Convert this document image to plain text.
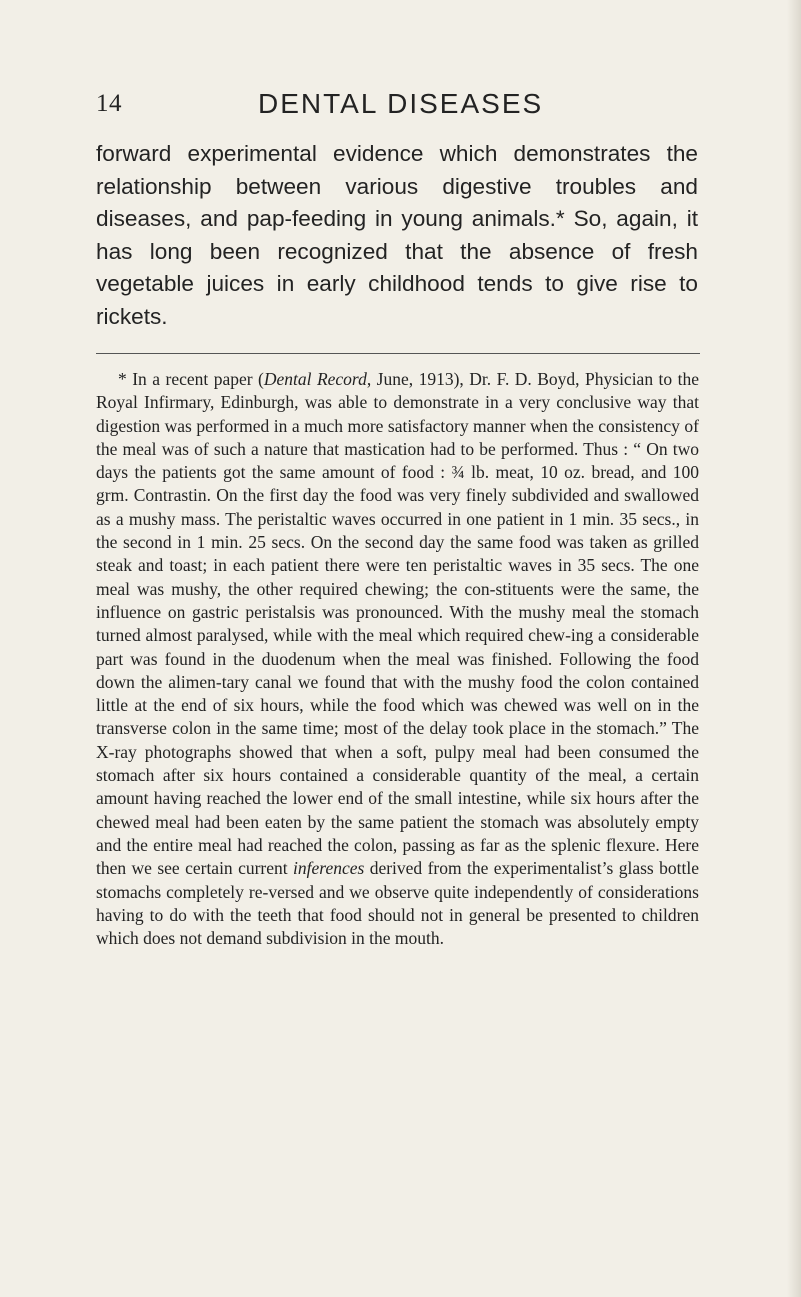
14	DENTAL DISEASES

forward experimental evidence which demonstrates the relationship between various digestive troubles and diseases, and pap-feeding in young animals.* So, again, it has long been recognized that the absence of fresh vegetable juices in early childhood tends to give rise to rickets.

* In a recent paper (Dental Record, June, 1913), Dr. F. D. Boyd, Physician to the Royal Infirmary, Edinburgh, was able to demonstrate in a very conclusive way that digestion was performed in a much more satisfactory manner when the consistency of the meal was of such a nature that mastication had to be performed. Thus : “ On two days the patients got the same amount of food : ¾ lb. meat, 10 oz. bread, and 100 grm. Contrastin. On the first day the food was very finely subdivided and swallowed as a mushy mass. The peristaltic waves occurred in one patient in 1 min. 35 secs., in the second in 1 min. 25 secs. On the second day the same food was taken as grilled steak and toast; in each patient there were ten peristaltic waves in 35 secs. The one meal was mushy, the other required chewing; the con-stituents were the same, the influence on gastric peristalsis was pronounced. With the mushy meal the stomach turned almost paralysed, while with the meal which required chew-ing a considerable part was found in the duodenum when the meal was finished. Following the food down the alimen-tary canal we found that with the mushy food the colon contained little at the end of six hours, while the food which was chewed was well on in the transverse colon in the same time; most of the delay took place in the stomach.” The X-ray photographs showed that when a soft, pulpy meal had been consumed the stomach after six hours contained a considerable quantity of the meal, a certain amount having reached the lower end of the small intestine, while six hours after the chewed meal had been eaten by the same patient the stomach was absolutely empty and the entire meal had reached the colon, passing as far as the splenic flexure. Here then we see certain current inferences derived from the experimentalist’s glass bottle stomachs completely re-versed and we observe quite independently of considerations having to do with the teeth that food should not in general be presented to children which does not demand subdivision in the mouth.
